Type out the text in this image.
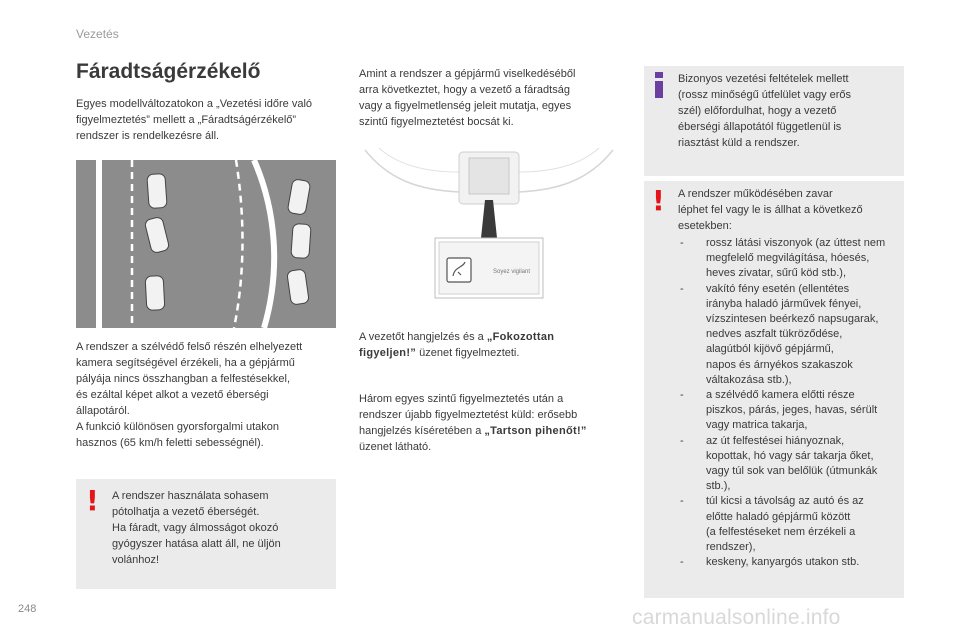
Vezetés
Fáradtságérzékelő
Egyes modellváltozatokon a „Vezetési időre való
figyelmeztetés” mellett a „Fáradtságérzékelő”
rendszer is rendelkezésre áll.
A rendszer a szélvédő felső részén elhelyezett
kamera segítségével érzékeli, ha a gépjármű
pályája nincs összhangban a felfestésekkel,
és ezáltal képet alkot a vezető éberségi
állapotáról.
A funkció különösen gyorsforgalmi utakon
hasznos (65 km/h feletti sebességnél).
! A rendszer használata sohasem
pótolhatja a vezető éberségét.
Ha fáradt, vagy álmosságot okozó
gyógyszer hatása alatt áll, ne üljön
volánhoz!
Amint a rendszer a gépjármű viselkedéséből
arra következtet, hogy a vezető a fáradtság
vagy a figyelmetlenség jeleit mutatja, egyes
szintű figyelmeztetést bocsát ki.
Soyez vigilant
A vezetőt hangjelzés és a „Fokozottan
figyeljen!” üzenet figyelmezteti.
Három egyes szintű figyelmeztetés után a
rendszer újabb figyelmeztetést küld: erősebb
hangjelzés kíséretében a „Tartson pihenőt!”
üzenet látható.
Bizonyos vezetési feltételek mellett
(rossz minőségű útfelület vagy erős
szél) előfordulhat, hogy a vezető
éberségi állapotától függetlenül is
riasztást küld a rendszer.
! A rendszer működésében zavar
léphet fel vagy le is állhat a következő
esetekben:
- rossz látási viszonyok (az úttest nem
megfelelő megvilágítása, hóesés,
heves zivatar, sűrű köd stb.),
- vakító fény esetén (ellentétes
irányba haladó járművek fényei,
vízszintesen beérkező napsugarak,
nedves aszfalt tükröződése,
alagútból kijövő gépjármű,
napos és árnyékos szakaszok
váltakozása stb.),
- a szélvédő kamera előtti része
piszkos, párás, jeges, havas, sérült
vagy matrica takarja,
- az út felfestései hiányoznak,
kopottak, hó vagy sár takarja őket,
vagy túl sok van belőlük (útmunkák
stb.),
- túl kicsi a távolság az autó és az
előtte haladó gépjármű között
(a felfestéseket nem érzékeli a
rendszer),
- keskeny, kanyargós utakon stb.
248	carmanualsonline.info
